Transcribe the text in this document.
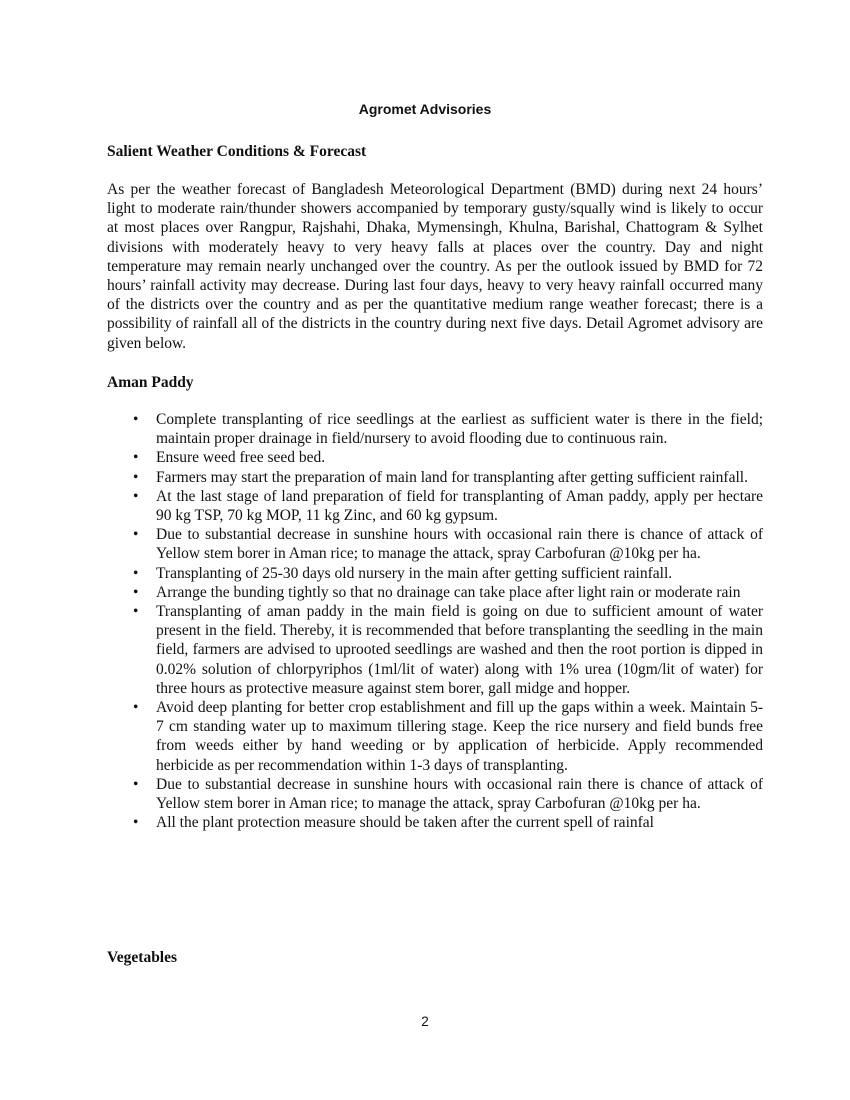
Agromet Advisories
Salient Weather Conditions & Forecast

As per the weather forecast of Bangladesh Meteorological Department (BMD) during next 24 hours’ light to moderate rain/thunder showers accompanied by temporary gusty/squally wind is likely to occur at most places over Rangpur, Rajshahi, Dhaka, Mymensingh, Khulna, Barishal, Chattogram & Sylhet divisions with moderately heavy to very heavy falls at places over the country. Day and night temperature may remain nearly unchanged over the country. As per the outlook issued by BMD for 72 hours’ rainfall activity may decrease. During last four days, heavy to very heavy rainfall occurred many of the districts over the country and as per the quantitative medium range weather forecast; there is a possibility of rainfall all of the districts in the country during next five days. Detail Agromet advisory are given below.

Aman Paddy
• Complete transplanting of rice seedlings at the earliest as sufficient water is there in the field; maintain proper drainage in field/nursery to avoid flooding due to continuous rain.
• Ensure weed free seed bed.
• Farmers may start the preparation of main land for transplanting after getting sufficient rainfall.
• At the last stage of land preparation of field for transplanting of Aman paddy, apply per hectare 90 kg TSP, 70 kg MOP, 11 kg Zinc, and 60 kg gypsum.
• Due to substantial decrease in sunshine hours with occasional rain there is chance of attack of Yellow stem borer in Aman rice; to manage the attack, spray Carbofuran @10kg per ha.
• Transplanting of 25-30 days old nursery in the main after getting sufficient rainfall.
• Arrange the bunding tightly so that no drainage can take place after light rain or moderate rain
• Transplanting of aman paddy in the main field is going on due to sufficient amount of water present in the field. Thereby, it is recommended that before transplanting the seedling in the main field, farmers are advised to uprooted seedlings are washed and then the root portion is dipped in 0.02% solution of chlorpyriphos (1ml/lit of water) along with 1% urea (10gm/lit of water) for three hours as protective measure against stem borer, gall midge and hopper.
• Avoid deep planting for better crop establishment and fill up the gaps within a week. Maintain 5-7 cm standing water up to maximum tillering stage. Keep the rice nursery and field bunds free from weeds either by hand weeding or by application of herbicide. Apply recommended herbicide as per recommendation within 1-3 days of transplanting.
• Due to substantial decrease in sunshine hours with occasional rain there is chance of attack of Yellow stem borer in Aman rice; to manage the attack, spray Carbofuran @10kg per ha.
• All the plant protection measure should be taken after the current spell of rainfal
Vegetables
2
